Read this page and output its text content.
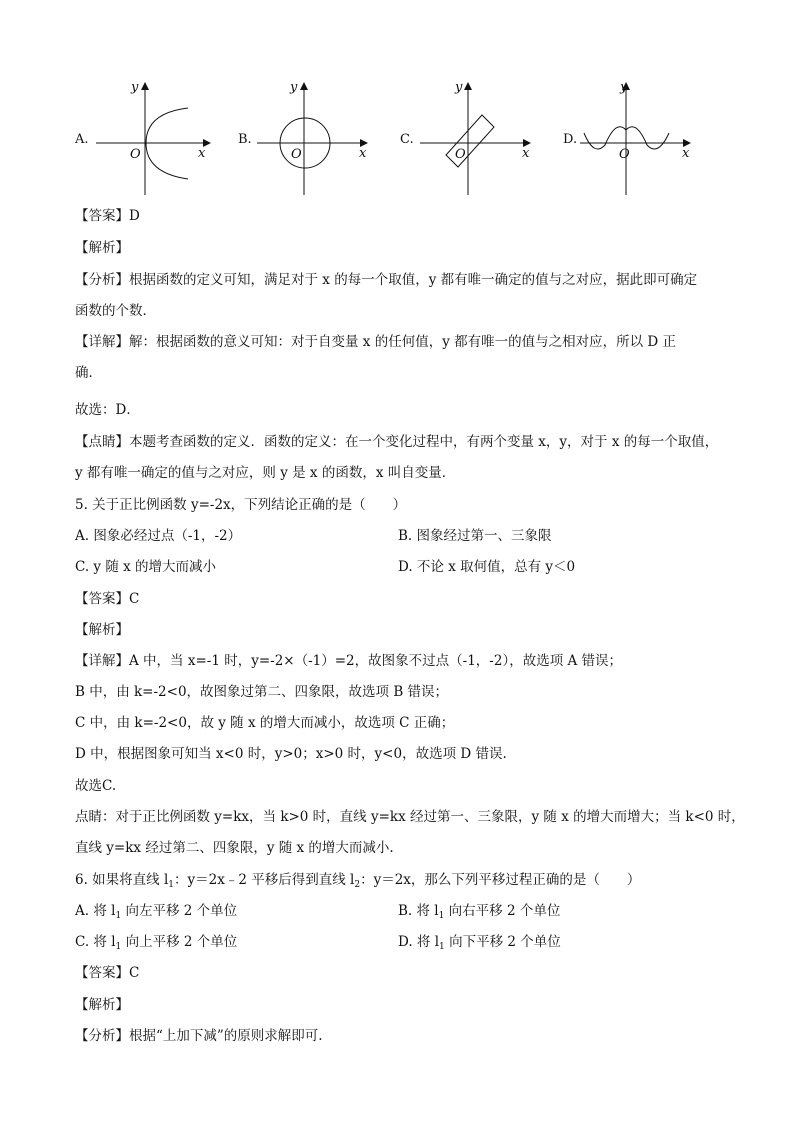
A.
x
y
O
B.
x
y
O
C.
x
y
O
D.
x
y
O
【答案】D
【解析】
【分析】根据函数的定义可知，满足对于 x 的每一个取值，y 都有唯一确定的值与之对应，据此即可确定
函数的个数．
【详解】解：根据函数的意义可知：对于自变量 x 的任何值，y 都有唯一的值与之相对应，所以 D 正
确．
故选：D．
【点睛】本题考查函数的定义．函数的定义：在一个变化过程中，有两个变量 x，y，对于 x 的每一个取值，
y 都有唯一确定的值与之对应，则 y 是 x 的函数，x 叫自变量．
5. 关于正比例函数 y=-2x，下列结论正确的是（　　）
A. 图象必经过点（-1，-2）	B. 图象经过第一、三象限
C. y 随 x 的增大而减小	D. 不论 x 取何值，总有 y＜0
【答案】C
【解析】
【详解】A 中，当 x=-1 时，y=-2×（-1）=2，故图象不过点（-1，-2），故选项 A 错误；
B 中，由 k=-2<0，故图象过第二、四象限，故选项 B 错误；
C 中，由 k=-2<0，故 y 随 x 的增大而减小，故选项 C 正确；
D 中，根据图象可知当 x<0 时，y>0；x>0 时，y<0，故选项 D 错误.
故选C.
点睛：对于正比例函数 y=kx，当 k>0 时，直线 y=kx 经过第一、三象限，y 随 x 的增大而增大；当 k<0 时，
直线 y=kx 经过第二、四象限，y 随 x 的增大而减小.
6. 如果将直线 $l_1$：y＝2x﹣2 平移后得到直线 $l_2$：y＝2x，那么下列平移过程正确的是（　　）
A. 将 $l_1$ 向左平移 2 个单位	B. 将 $l_1$ 向右平移 2 个单位
C. 将 $l_1$ 向上平移 2 个单位	D. 将 $l_1$ 向下平移 2 个单位
【答案】C
【解析】
【分析】根据“上加下减”的原则求解即可.
